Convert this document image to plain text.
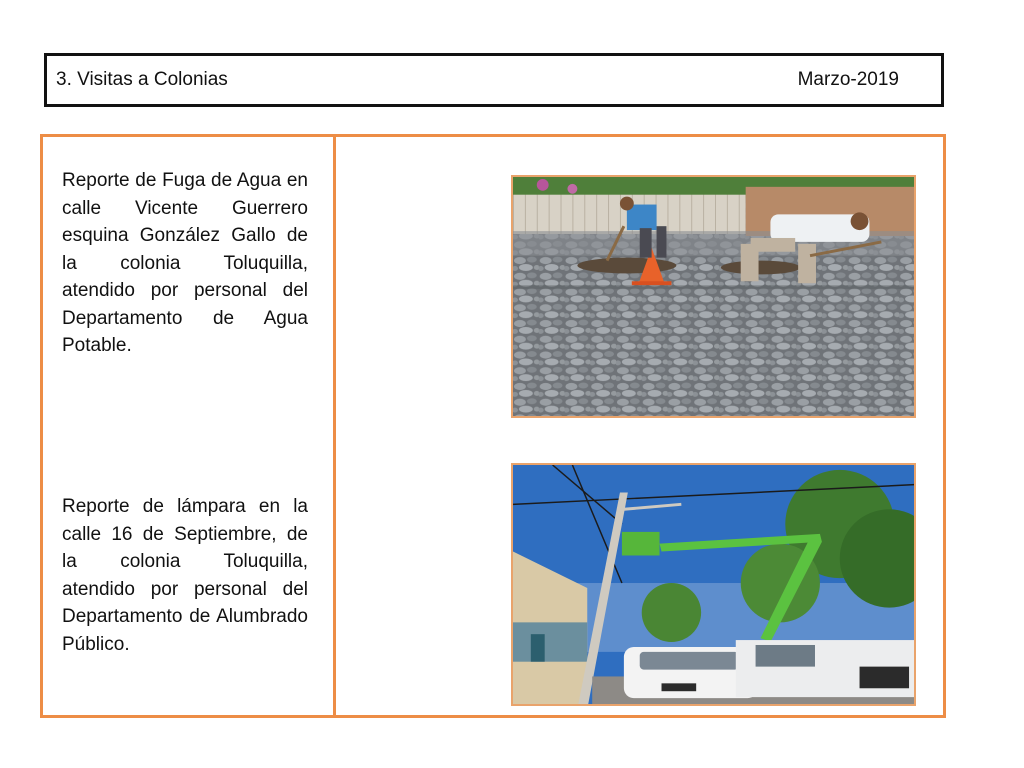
3. Visitas a Colonias	Marzo-2019

Reporte de Fuga de Agua en calle Vicente Guerrero esquina González Gallo de la colonia Toluquilla, atendido por personal del Departamento de Agua Potable.

Reporte de lámpara en la calle 16 de Septiembre, de la colonia Toluquilla, atendido por personal del Departamento de Alumbrado Público.
